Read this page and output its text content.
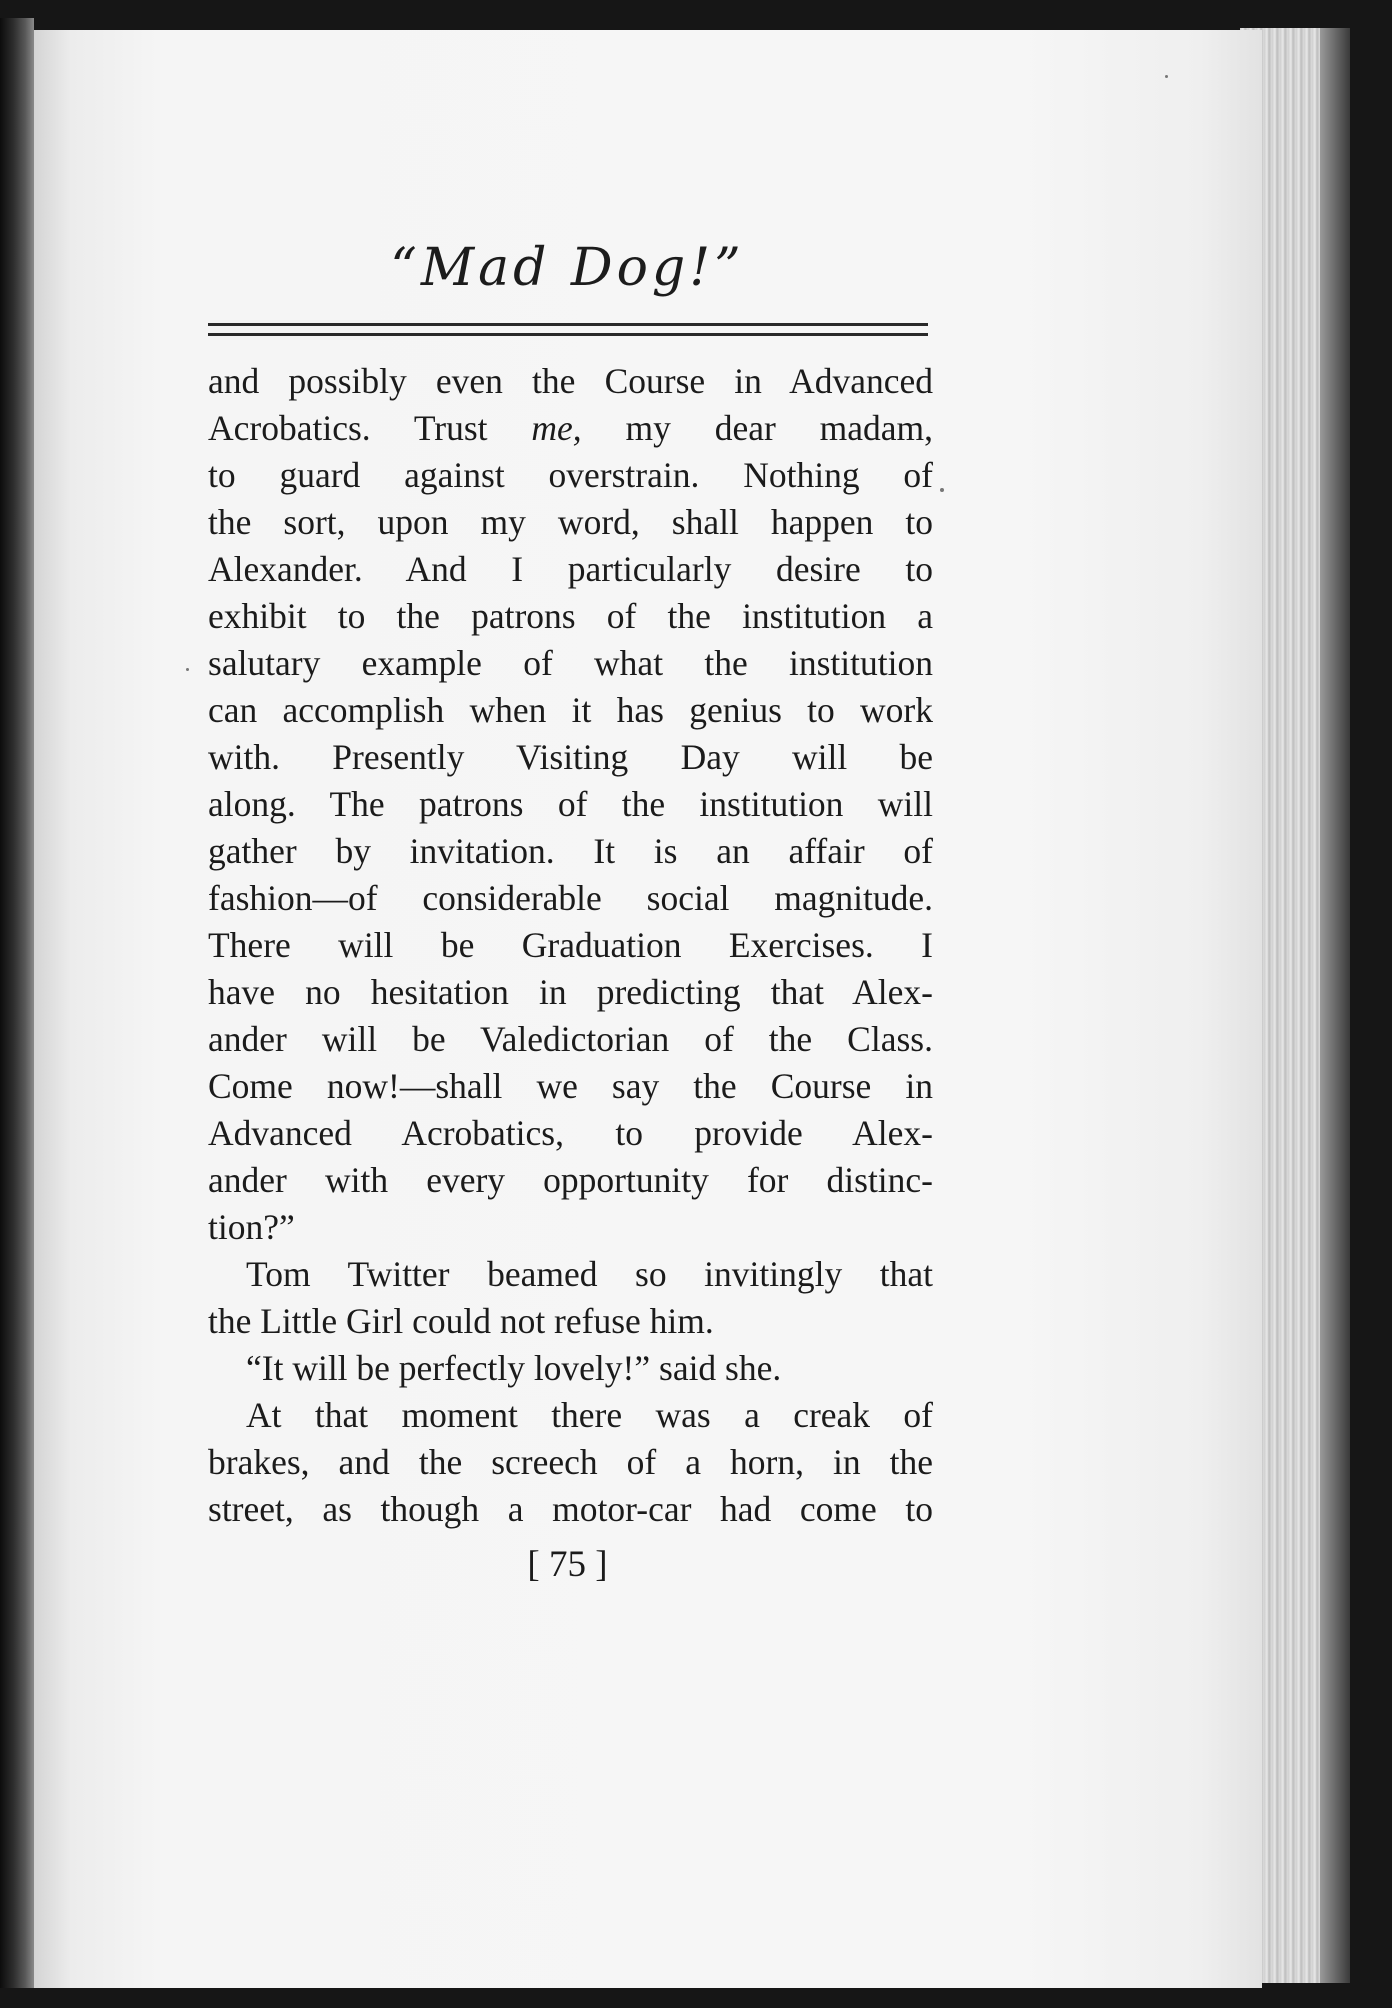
“Mad Dog!”
and possibly even the Course in Advanced
Acrobatics. Trust me, my dear madam,
to guard against overstrain. Nothing of
the sort, upon my word, shall happen to
Alexander. And I particularly desire to
exhibit to the patrons of the institution a
salutary example of what the institution
can accomplish when it has genius to work
with. Presently Visiting Day will be
along. The patrons of the institution will
gather by invitation. It is an affair of
fashion—of considerable social magnitude.
There will be Graduation Exercises. I
have no hesitation in predicting that Alex-
ander will be Valedictorian of the Class.
Come now!—shall we say the Course in
Advanced Acrobatics, to provide Alex-
ander with every opportunity for distinc-
tion?”
Tom Twitter beamed so invitingly that
the Little Girl could not refuse him.
“It will be perfectly lovely!” said she.
At that moment there was a creak of
brakes, and the screech of a horn, in the
street, as though a motor-car had come to
[ 75 ]
